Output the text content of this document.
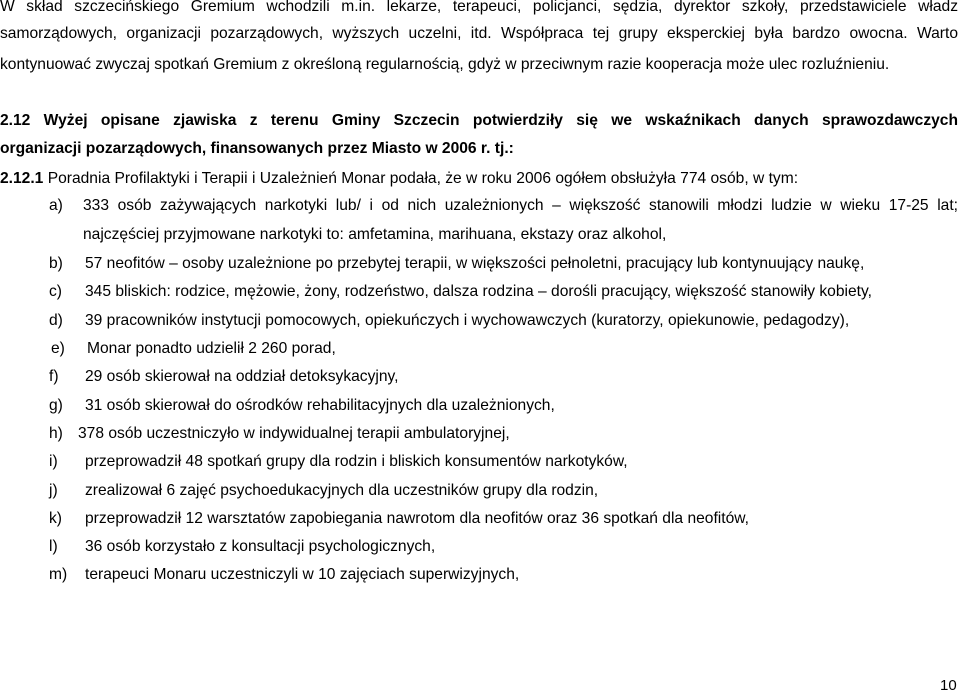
W skład szczecińskiego Gremium wchodzili m.in. lekarze, terapeuci, policjanci, sędzia, dyrektor szkoły, przedstawiciele władz
samorządowych, organizacji pozarządowych, wyższych uczelni, itd. Współpraca tej grupy eksperckiej była bardzo owocna. Warto
kontynuować zwyczaj spotkań Gremium z określoną regularnością, gdyż w przeciwnym razie kooperacja może ulec rozluźnieniu.
2.12 Wyżej opisane zjawiska z terenu Gminy Szczecin potwierdziły się we wskaźnikach danych sprawozdawczych
organizacji pozarządowych, finansowanych przez Miasto w 2006 r. tj.:
2.12.1 Poradnia Profilaktyki i Terapii i Uzależnień Monar podała, że w roku 2006 ogółem obsłużyła 774 osób, w tym:
a) 333 osób zażywających narkotyki lub/ i od nich uzależnionych – większość stanowili młodzi ludzie w wieku 17-25 lat;
najczęściej przyjmowane narkotyki to: amfetamina, marihuana, ekstazy oraz alkohol,
b) 57 neofitów – osoby uzależnione po przebytej terapii, w większości pełnoletni, pracujący lub kontynuujący naukę,
c) 345 bliskich: rodzice, mężowie, żony, rodzeństwo, dalsza rodzina – dorośli pracujący, większość stanowiły kobiety,
d) 39 pracowników instytucji pomocowych, opiekuńczych i wychowawczych (kuratorzy, opiekunowie, pedagodzy),
e) Monar ponadto udzielił 2 260 porad,
f) 29 osób skierował na oddział detoksykacyjny,
g) 31 osób skierował do ośrodków rehabilitacyjnych dla uzależnionych,
h) 378 osób uczestniczyło w indywidualnej terapii ambulatoryjnej,
i) przeprowadził 48 spotkań grupy dla rodzin i bliskich konsumentów narkotyków,
j) zrealizował 6 zajęć psychoedukacyjnych dla uczestników grupy dla rodzin,
k) przeprowadził 12 warsztatów zapobiegania nawrotom dla neofitów oraz 36 spotkań dla neofitów,
l) 36 osób korzystało z konsultacji psychologicznych,
m) terapeuci Monaru uczestniczyli w 10 zajęciach superwizyjnych,
10
